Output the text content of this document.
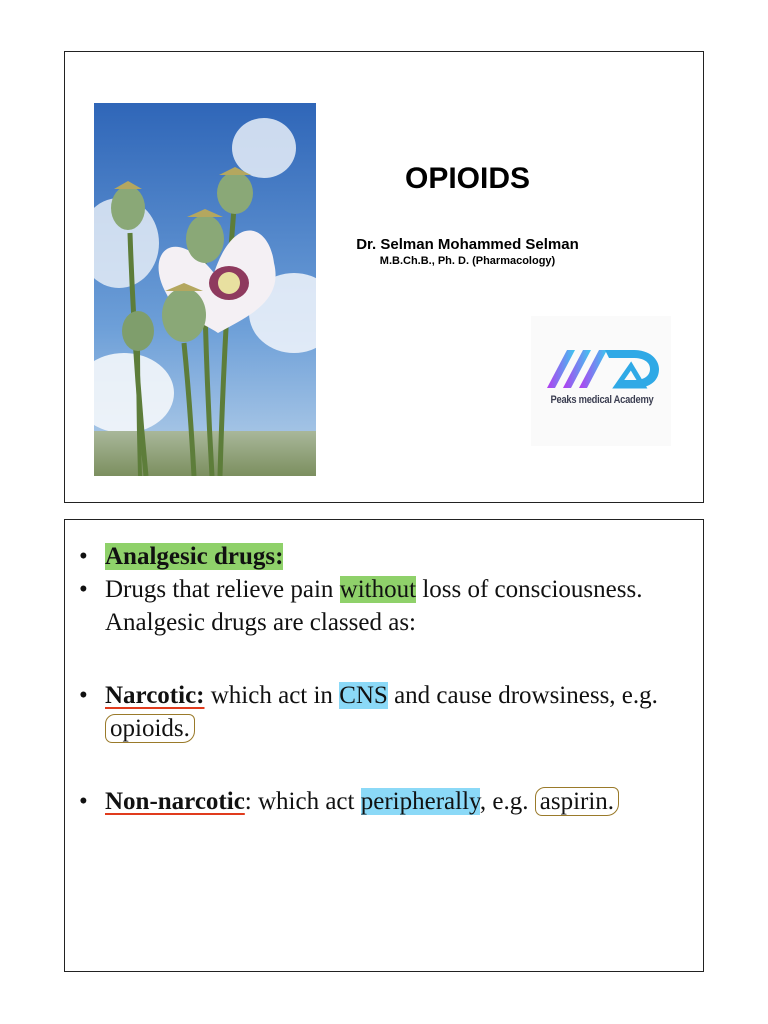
OPIOIDS
Dr. Selman Mohammed Selman
M.B.Ch.B., Ph. D. (Pharmacology)
Peaks medical Academy
• Analgesic drugs:
• Drugs that relieve pain without loss of consciousness. Analgesic drugs are classed as:
• Narcotic: which act in CNS and cause drowsiness, e.g. opioids.
• Non-narcotic: which act peripherally, e.g. aspirin.
